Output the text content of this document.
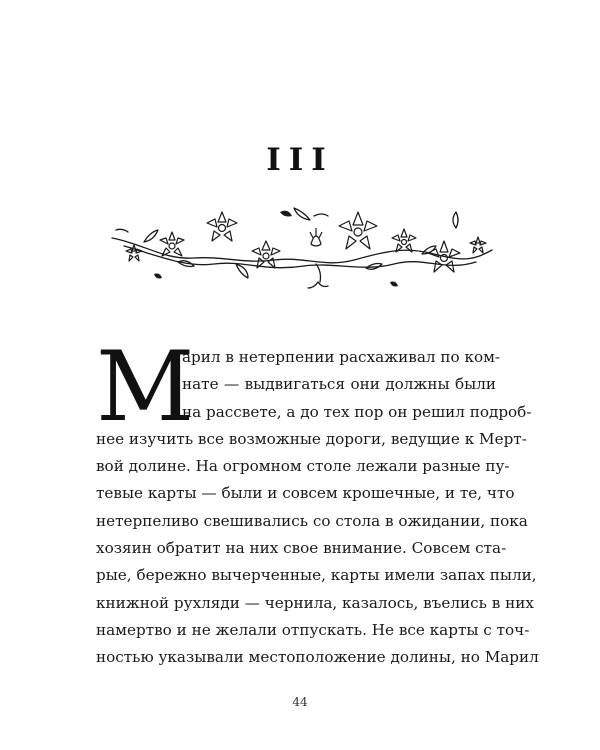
III
М
арил в нетерпении расхаживал по ком-
нате — выдвигаться они должны были
на рассвете, а до тех пор он решил подроб-
нее изучить все возможные дороги, ведущие к Мерт-
вой долине. На огромном столе лежали разные пу-
тевые карты — были и совсем крошечные, и те, что
нетерпеливо свешивались со стола в ожидании, пока
хозяин обратит на них свое внимание. Совсем ста-
рые, бережно вычерченные, карты имели запах пыли,
книжной рухляди — чернила, казалось, въелись в них
намертво и не желали отпускать. Не все карты с точ-
ностью указывали местоположение долины, но Марил
44
